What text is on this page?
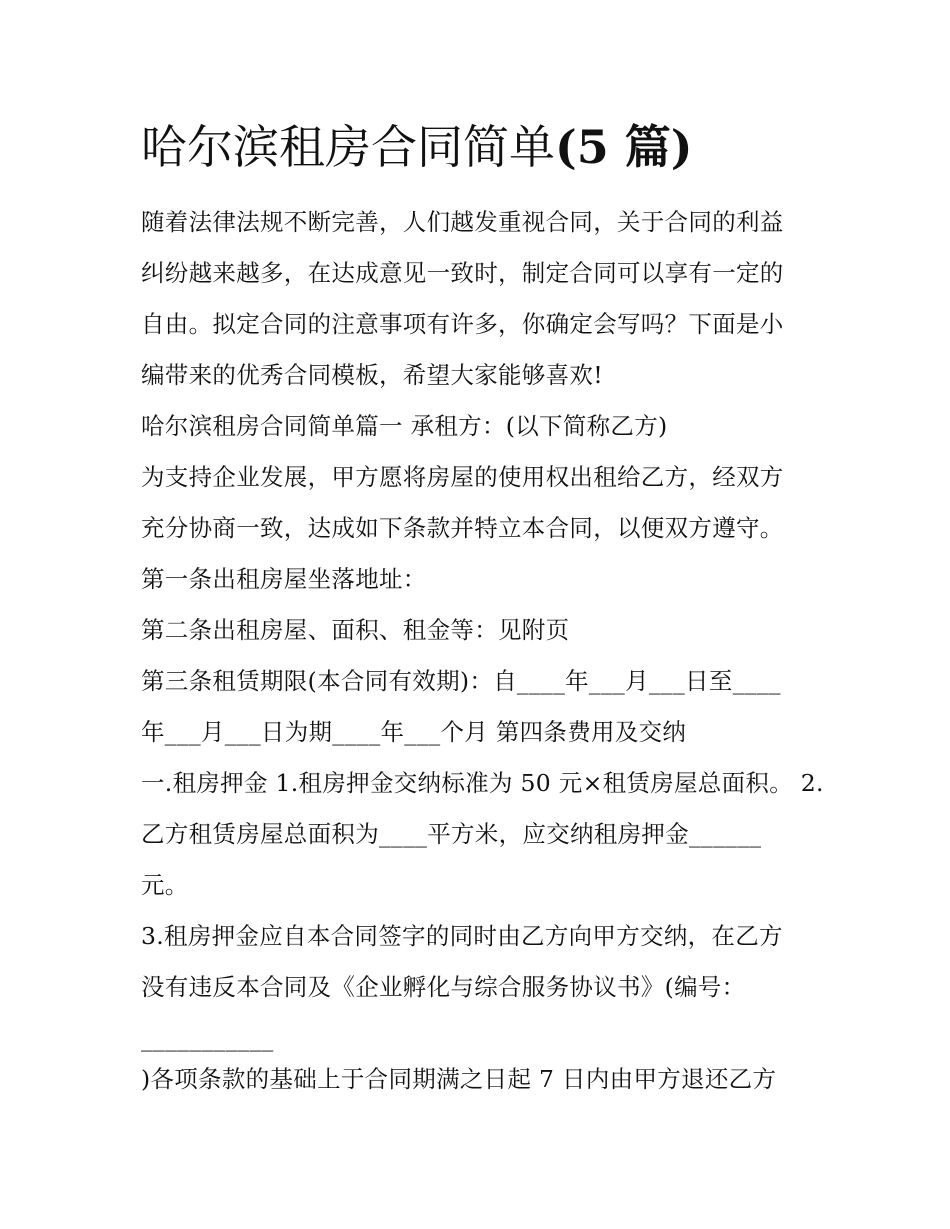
哈尔滨租房合同简单(5 篇)
随着法律法规不断完善，人们越发重视合同，关于合同的利益
纠纷越来越多，在达成意见一致时，制定合同可以享有一定的
自由。拟定合同的注意事项有许多，你确定会写吗？下面是小
编带来的优秀合同模板，希望大家能够喜欢!
哈尔滨租房合同简单篇一 承租方：(以下简称乙方)
为支持企业发展，甲方愿将房屋的使用权出租给乙方，经双方
充分协商一致，达成如下条款并特立本合同，以便双方遵守。
第一条出租房屋坐落地址：
第二条出租房屋、面积、租金等：见附页
第三条租赁期限(本合同有效期)：自____年___月___日至____
年___月___日为期____年___个月 第四条费用及交纳
一.租房押金 1.租房押金交纳标准为 50 元×租赁房屋总面积。 2.
乙方租赁房屋总面积为____平方米，应交纳租房押金______
元。
3.租房押金应自本合同签字的同时由乙方向甲方交纳，在乙方
没有违反本合同及《企业孵化与综合服务协议书》(编号：
___________
)各项条款的基础上于合同期满之日起 7 日内由甲方退还乙方
